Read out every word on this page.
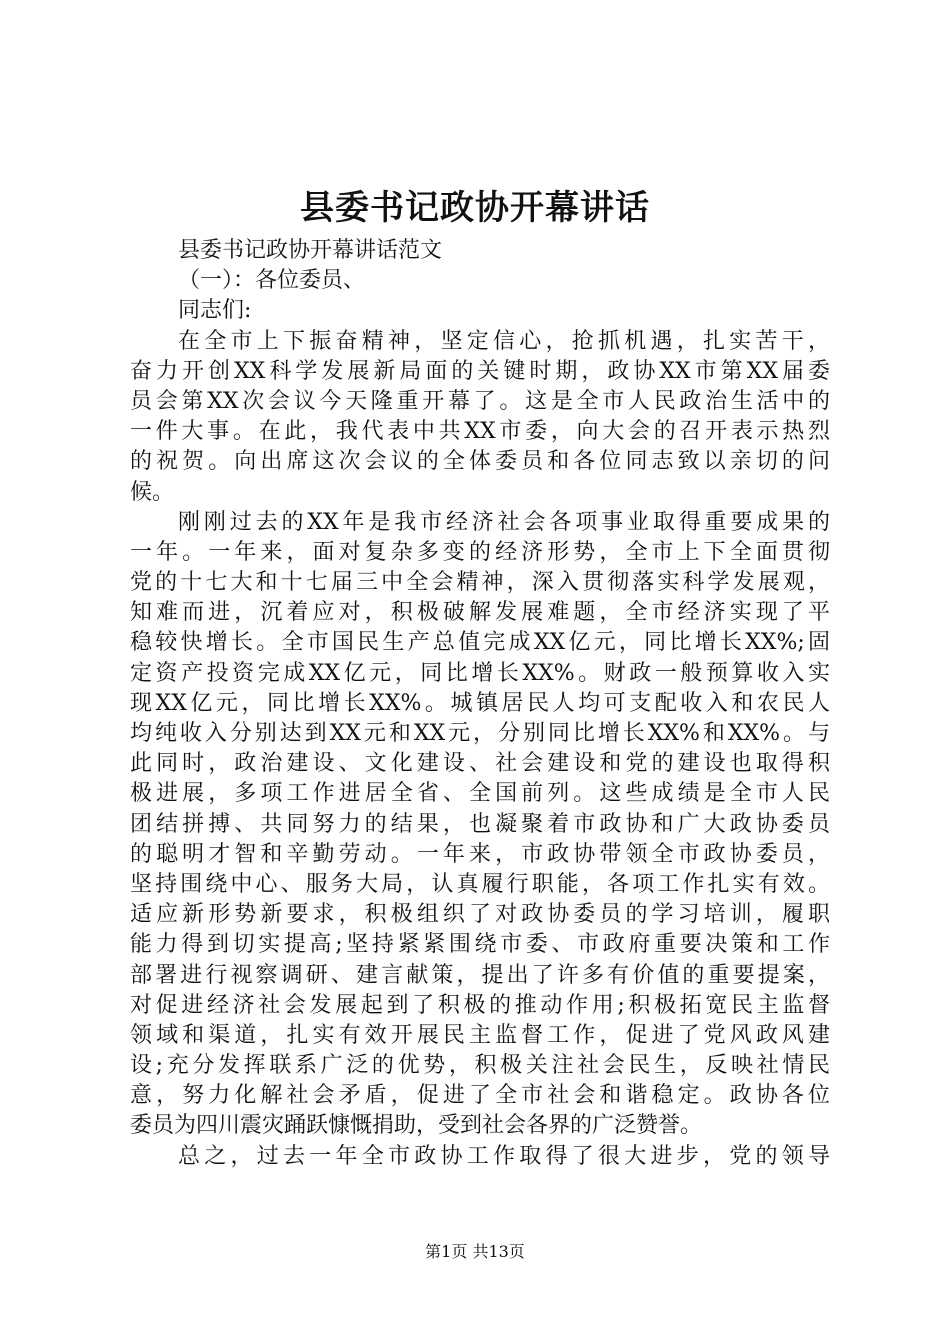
县委书记政协开幕讲话
县委书记政协开幕讲话范文
（一）：各位委员、
同志们:
在全市上下振奋精神，坚定信心，抢抓机遇，扎实苦干，
奋力开创XX科学发展新局面的关键时期，政协XX市第XX届委
员会第XX次会议今天隆重开幕了。这是全市人民政治生活中的
一件大事。在此，我代表中共XX市委，向大会的召开表示热烈
的祝贺。向出席这次会议的全体委员和各位同志致以亲切的问
候。
刚刚过去的XX年是我市经济社会各项事业取得重要成果的
一年。一年来，面对复杂多变的经济形势，全市上下全面贯彻
党的十七大和十七届三中全会精神，深入贯彻落实科学发展观，
知难而进，沉着应对，积极破解发展难题，全市经济实现了平
稳较快增长。全市国民生产总值完成XX亿元，同比增长XX%;固
定资产投资完成XX亿元，同比增长XX%。财政一般预算收入实
现XX亿元，同比增长XX%。城镇居民人均可支配收入和农民人
均纯收入分别达到XX元和XX元，分别同比增长XX%和XX%。与
此同时，政治建设、文化建设、社会建设和党的建设也取得积
极进展，多项工作进居全省、全国前列。这些成绩是全市人民
团结拼搏、共同努力的结果，也凝聚着市政协和广大政协委员
的聪明才智和辛勤劳动。一年来，市政协带领全市政协委员，
坚持围绕中心、服务大局，认真履行职能，各项工作扎实有效。
适应新形势新要求，积极组织了对政协委员的学习培训，履职
能力得到切实提高;坚持紧紧围绕市委、市政府重要决策和工作
部署进行视察调研、建言献策，提出了许多有价值的重要提案，
对促进经济社会发展起到了积极的推动作用;积极拓宽民主监督
领域和渠道，扎实有效开展民主监督工作，促进了党风政风建
设;充分发挥联系广泛的优势，积极关注社会民生，反映社情民
意，努力化解社会矛盾，促进了全市社会和谐稳定。政协各位
委员为四川震灾踊跃慷慨捐助，受到社会各界的广泛赞誉。
总之，过去一年全市政协工作取得了很大进步，党的领导
第1页 共13页
